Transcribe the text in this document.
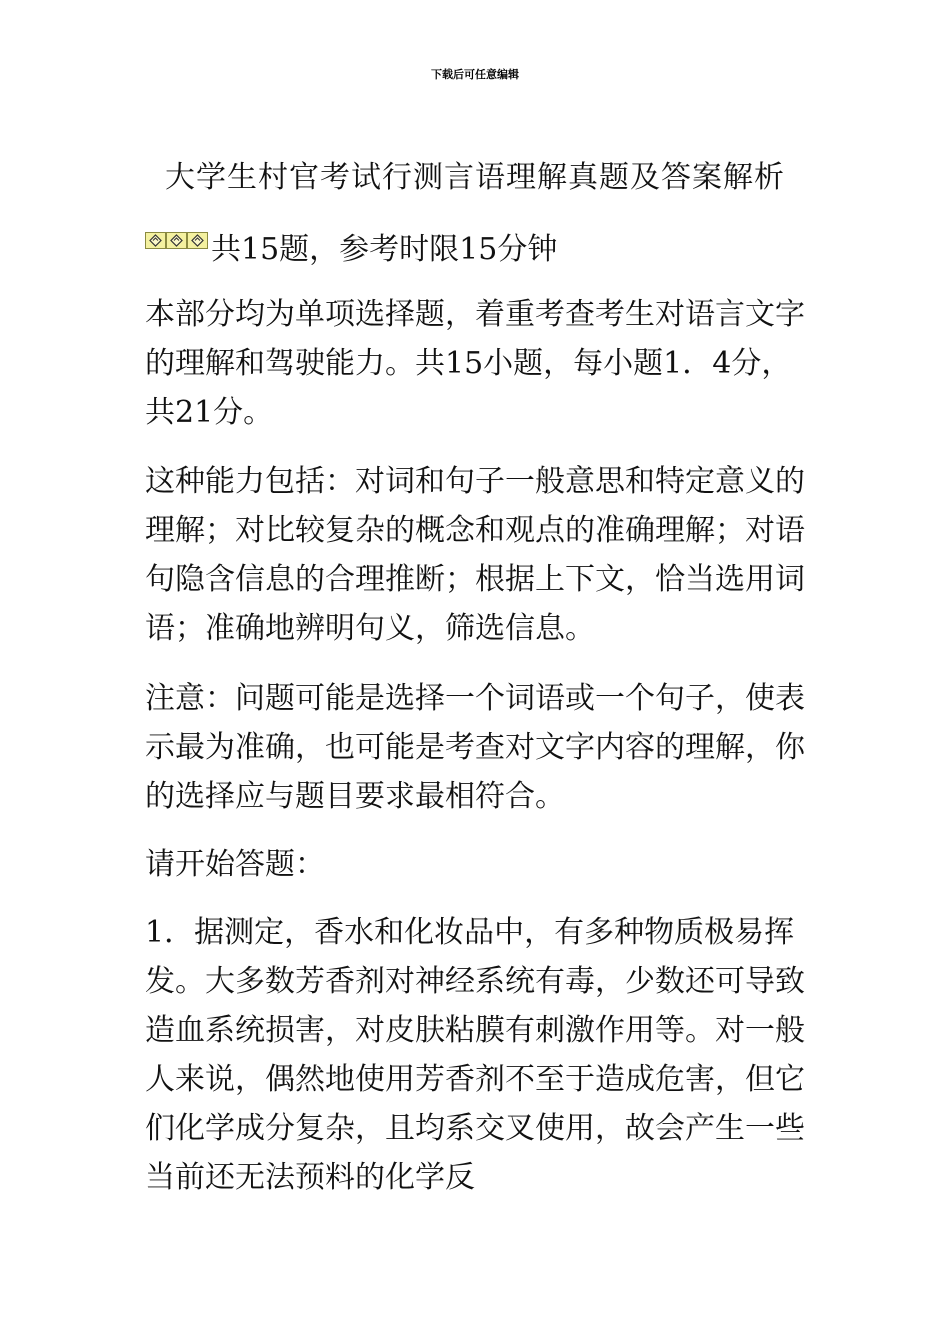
下载后可任意编辑
大学生村官考试行测言语理解真题及答案解析
共15题，参考时限15分钟

本部分均为单项选择题，着重考查考生对语言文字的理解和驾驶能力。共15小题，每小题1．4分，共21分。

这种能力包括：对词和句子一般意思和特定意义的理解；对比较复杂的概念和观点的准确理解；对语句隐含信息的合理推断；根据上下文，恰当选用词语；准确地辨明句义，筛选信息。

注意：问题可能是选择一个词语或一个句子，使表示最为准确，也可能是考查对文字内容的理解，你的选择应与题目要求最相符合。

请开始答题：

1．据测定，香水和化妆品中，有多种物质极易挥发。大多数芳香剂对神经系统有毒，少数还可导致造血系统损害，对皮肤粘膜有刺激作用等。对一般人来说，偶然地使用芳香剂不至于造成危害，但它们化学成分复杂，且均系交叉使用，故会产生一些当前还无法预料的化学反
